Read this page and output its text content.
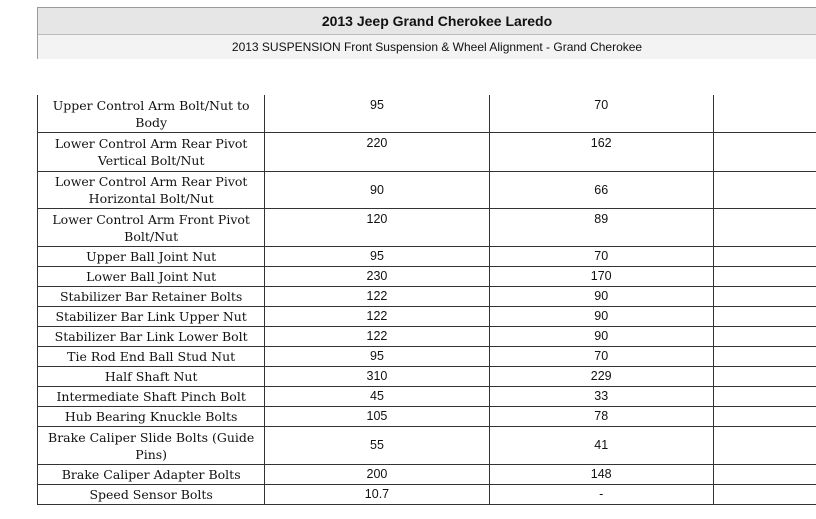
2013 Jeep Grand Cherokee Laredo
2013 SUSPENSION Front Suspension & Wheel Alignment - Grand Cherokee
Upper Control Arm Bolt/Nut to Body	95	70	
Lower Control Arm Rear Pivot Vertical Bolt/Nut	220	162	
Lower Control Arm Rear Pivot Horizontal Bolt/Nut	90	66	
Lower Control Arm Front Pivot Bolt/Nut	120	89	
Upper Ball Joint Nut	95	70	
Lower Ball Joint Nut	230	170	
Stabilizer Bar Retainer Bolts	122	90	
Stabilizer Bar Link Upper Nut	122	90	
Stabilizer Bar Link Lower Bolt	122	90	
Tie Rod End Ball Stud Nut	95	70	
Half Shaft Nut	310	229	
Intermediate Shaft Pinch Bolt	45	33	
Hub Bearing Knuckle Bolts	105	78	
Brake Caliper Slide Bolts (Guide Pins)	55	41	
Brake Caliper Adapter Bolts	200	148	
Speed Sensor Bolts	10.7	-	
